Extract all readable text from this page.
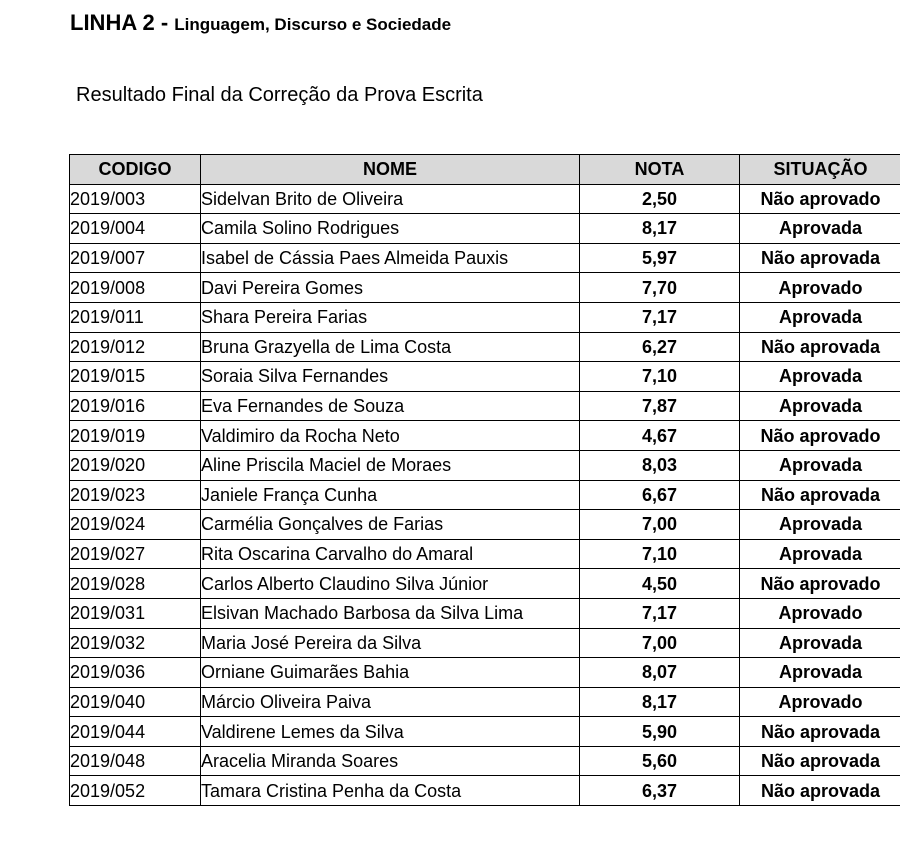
LINHA 2 - Linguagem, Discurso e Sociedade
Resultado Final da Correção da Prova Escrita
CODIGO	NOME	NOTA	SITUAÇÃO
2019/003	Sidelvan Brito de Oliveira	2,50	Não aprovado
2019/004	Camila Solino Rodrigues	8,17	Aprovada
2019/007	Isabel de Cássia Paes Almeida Pauxis	5,97	Não aprovada
2019/008	Davi Pereira Gomes	7,70	Aprovado
2019/011	Shara Pereira Farias	7,17	Aprovada
2019/012	Bruna Grazyella de Lima Costa	6,27	Não aprovada
2019/015	Soraia Silva Fernandes	7,10	Aprovada
2019/016	Eva Fernandes de Souza	7,87	Aprovada
2019/019	Valdimiro da Rocha Neto	4,67	Não aprovado
2019/020	Aline Priscila Maciel de Moraes	8,03	Aprovada
2019/023	Janiele França Cunha	6,67	Não aprovada
2019/024	Carmélia Gonçalves de Farias	7,00	Aprovada
2019/027	Rita Oscarina Carvalho do Amaral	7,10	Aprovada
2019/028	Carlos Alberto Claudino Silva Júnior	4,50	Não aprovado
2019/031	Elsivan Machado Barbosa da Silva Lima	7,17	Aprovado
2019/032	Maria José Pereira da Silva	7,00	Aprovada
2019/036	Orniane Guimarães Bahia	8,07	Aprovada
2019/040	Márcio Oliveira Paiva	8,17	Aprovado
2019/044	Valdirene Lemes da Silva	5,90	Não aprovada
2019/048	Aracelia Miranda Soares	5,60	Não aprovada
2019/052	Tamara Cristina Penha da Costa	6,37	Não aprovada
